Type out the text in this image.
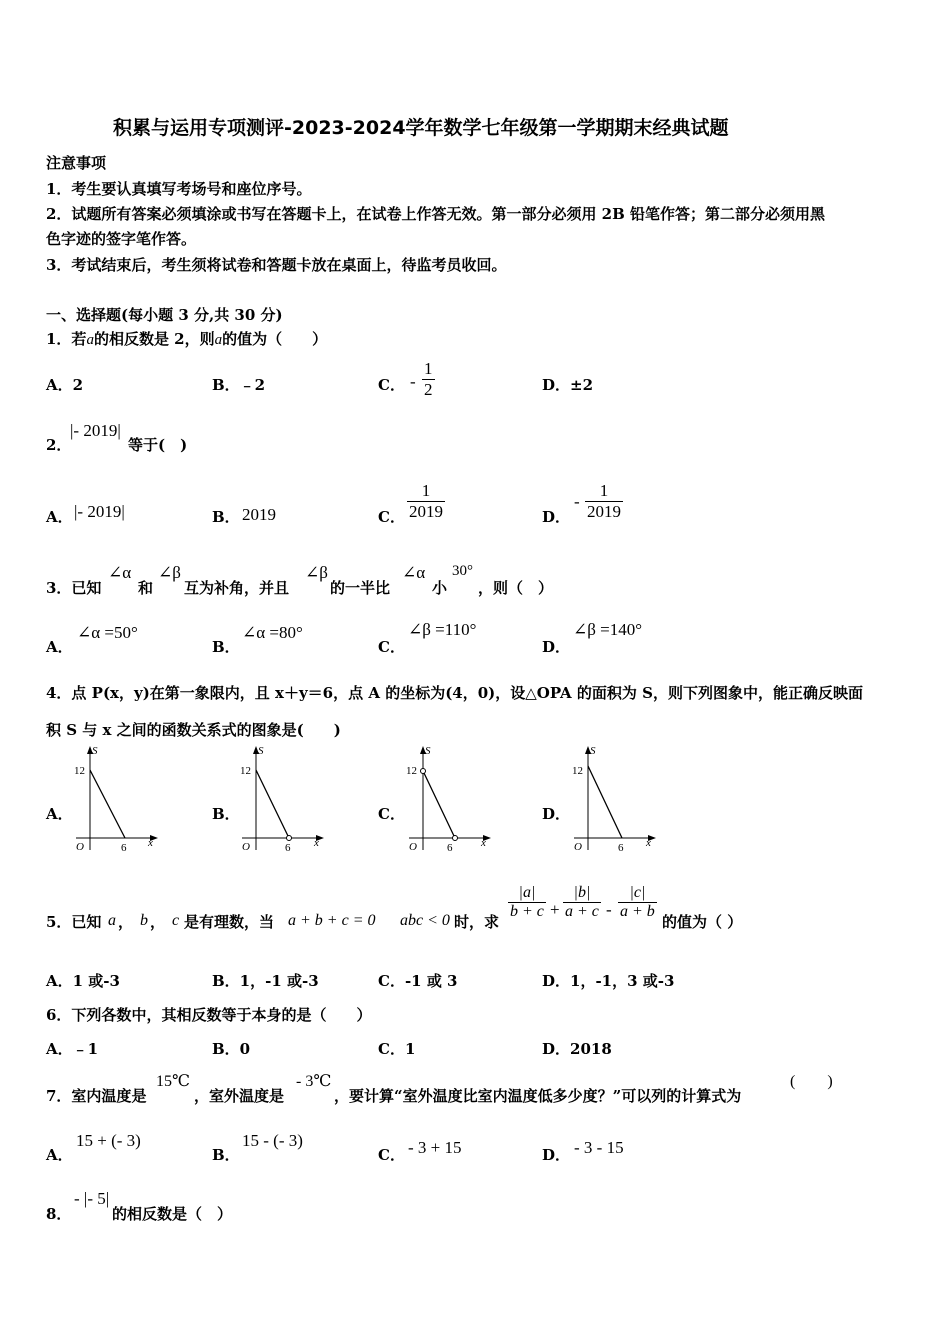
积累与运用专项测评-2023-2024学年数学七年级第一学期期末经典试题
注意事项
1．考生要认真填写考场号和座位序号。
2．试题所有答案必须填涂或书写在答题卡上，在试卷上作答无效。第一部分必须用 2B 铅笔作答；第二部分必须用黑
色字迹的签字笔作答。
3．考试结束后，考生须将试卷和答题卡放在桌面上，待监考员收回。
一、选择题(每小题 3 分,共 30 分)
1．若a的相反数是 2，则a的值为（　　）
A．2	B．﹣2	C． - $\frac{1}{2}$	D．±2
2．
|- 2019|
等于(　)
A． |- 2019|	B． 2019	C． $\frac{1}{2019}$	D．
- $\frac{1}{2019}$
3．已知
∠α
和
∠β
互为补角，并且
∠β
的一半比
∠α
小
30°
，则（　）
A．
∠α =50°
B．
∠α =80°
C．
∠β =110°
D．
∠β =140°
4．点 P(x，y)在第一象限内，且 x＋y＝6，点 A 的坐标为(4，0)，设△OPA 的面积为 S，则下列图象中，能正确反映面
积 S 与 x 之间的函数关系式的图象是(　　)
A．	B．	C．	D．
S
12
O	6 x
S
12
O	6 x
S
12
O	6	x
S
12
O	6 x
5．已知 a ， b ， c 是有理数，当 a + b + c = 0 abc < 0 时，求
$\frac{|a|}{b + c} + \frac{|b|}{a + c} - \frac{|c|}{a + b}$
的值为（ ）
A．1 或-3	B．1，-1 或-3	C．-1 或 3	D．1，-1，3 或-3
6．下列各数中，其相反数等于本身的是（　　）
A．﹣1	B．0	C．1	D．2018
7．室内温度是
15℃
，室外温度是
- 3℃
，要计算“室外温度比室内温度低多少度？”可以列的计算式为
(　　)
A．
15 + (- 3)
B．
15 - (- 3)
C． - 3 + 15	D． - 3 - 15
8．
- |- 5|
的相反数是（　）
